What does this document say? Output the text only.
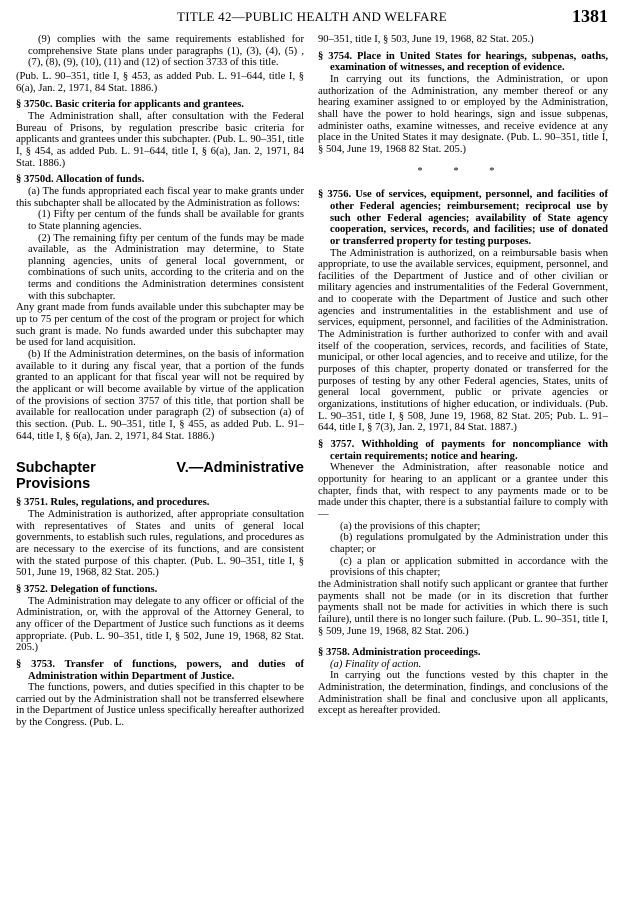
TITLE 42—PUBLIC HEALTH AND WELFARE	1381

(9) complies with the same requirements established for comprehensive State plans under paragraphs (1), (3), (4), (5) ,(7), (8), (9), (10), (11) and (12) of section 3733 of this title.

(Pub. L. 90–351, title I, § 453, as added Pub. L. 91–644, title I, § 6(a), Jan. 2, 1971, 84 Stat. 1886.)

§ 3750c. Basic criteria for applicants and grantees.

The Administration shall, after consultation with the Federal Bureau of Prisons, by regulation prescribe basic criteria for applicants and grantees under this subchapter. (Pub. L. 90–351, title I, § 454, as added Pub. L. 91–644, title I, § 6(a), Jan. 2, 1971, 84 Stat. 1886.)

§ 3750d. Allocation of funds.

(a) The funds appropriated each fiscal year to make grants under this subchapter shall be allocated by the Administration as follows:

(1) Fifty per centum of the funds shall be available for grants to State planning agencies.

(2) The remaining fifty per centum of the funds may be made available, as the Administration may determine, to State planning agencies, units of general local government, or combinations of such units, according to the criteria and on the terms and conditions the Administration determines consistent with this subchapter.

Any grant made from funds available under this subchapter may be up to 75 per centum of the cost of the program or project for which such grant is made. No funds awarded under this subchapter may be used for land acquisition.

(b) If the Administration determines, on the basis of information available to it during any fiscal year, that a portion of the funds granted to an applicant for that fiscal year will not be required by the applicant or will become available by virtue of the application of the provisions of section 3757 of this title, that portion shall be available for reallocation under paragraph (2) of subsection (a) of this section. (Pub. L. 90–351, title I, § 455, as added Pub. L. 91–644, title I, § 6(a), Jan. 2, 1971, 84 Stat. 1886.)

Subchapter V.—Administrative Provisions

§ 3751. Rules, regulations, and procedures.

The Administration is authorized, after appropriate consultation with representatives of States and units of general local governments, to establish such rules, regulations, and procedures as are necessary to the exercise of its functions, and are consistent with the stated purpose of this chapter. (Pub. L. 90–351, title I, § 501, June 19, 1968, 82 Stat. 205.)

§ 3752. Delegation of functions.

The Administration may delegate to any officer or official of the Administration, or, with the approval of the Attorney General, to any officer of the Department of Justice such functions as it deems appropriate. (Pub. L. 90–351, title I, § 502, June 19, 1968, 82 Stat. 205.)

§ 3753. Transfer of functions, powers, and duties of Administration within Department of Justice.

The functions, powers, and duties specified in this chapter to be carried out by the Administration shall not be transferred elsewhere in the Department of Justice unless specifically hereafter authorized by the Congress. (Pub. L.

90–351, title I, § 503, June 19, 1968, 82 Stat. 205.)

§ 3754. Place in United States for hearings, subpenas, oaths, examination of witnesses, and reception of evidence.

In carrying out its functions, the Administration, or upon authorization of the Administration, any member thereof or any hearing examiner assigned to or employed by the Administration, shall have the power to hold hearings, sign and issue subpenas, administer oaths, examine witnesses, and receive evidence at any place in the United States it may designate. (Pub. L. 90–351, title I, § 504, June 19, 1968 82 Stat. 205.)

* * *

§ 3756. Use of services, equipment, personnel, and facilities of other Federal agencies; reimbursement; reciprocal use by such other Federal agencies; availability of State agency cooperation, services, records, and facilities; use of donated or transferred property for testing purposes.

The Administration is authorized, on a reimbursable basis when appropriate, to use the available services, equipment, personnel, and facilities of the Department of Justice and of other civilian or military agencies and instrumentalities of the Federal Government, and to cooperate with the Department of Justice and such other agencies and instrumentalities in the establishment and use of services, equipment, personnel, and facilities of the Administration. The Administration is further authorized to confer with and avail itself of the cooperation, services, records, and facilities of State, municipal, or other local agencies, and to receive and utilize, for the purposes of this chapter, property donated or transferred for the purposes of testing by any other Federal agencies, States, units of general local government, public or private agencies or organizations, institutions of higher education, or individuals. (Pub. L. 90–351, title I, § 508, June 19, 1968, 82 Stat. 205; Pub. L. 91–644, title I, § 7(3), Jan. 2, 1971, 84 Stat. 1887.)

§ 3757. Withholding of payments for noncompliance with certain requirements; notice and hearing.

Whenever the Administration, after reasonable notice and opportunity for hearing to an applicant or a grantee under this chapter, finds that, with respect to any payments made or to be made under this chapter, there is a substantial failure to comply with—

(a) the provisions of this chapter;

(b) regulations promulgated by the Administration under this chapter; or

(c) a plan or application submitted in accordance with the provisions of this chapter;

the Administration shall notify such applicant or grantee that further payments shall not be made (or in its discretion that further payments shall not be made for activities in which there is such failure), until there is no longer such failure. (Pub. L. 90–351, title I, § 509, June 19, 1968, 82 Stat. 206.)

§ 3758. Administration proceedings.

(a) Finality of action.

In carrying out the functions vested by this chapter in the Administration, the determination, findings, and conclusions of the Administration shall be final and conclusive upon all applicants, except as hereafter provided.
